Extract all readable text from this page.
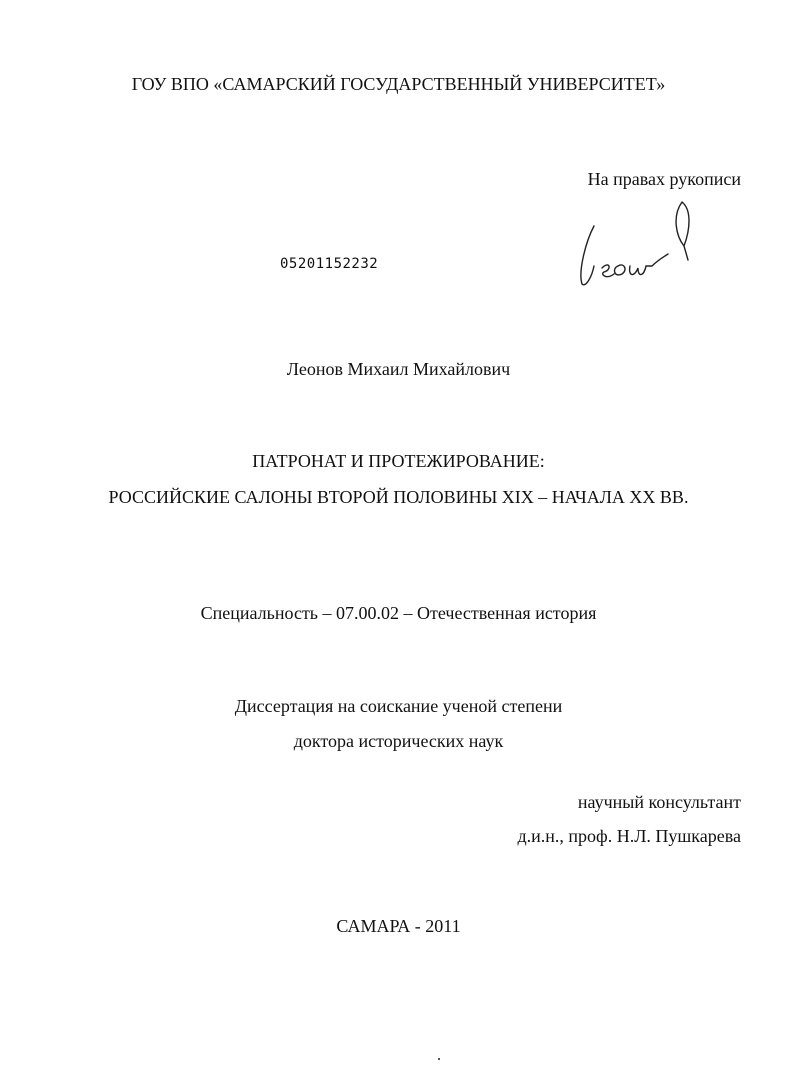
ГОУ ВПО «САМАРСКИЙ ГОСУДАРСТВЕННЫЙ УНИВЕРСИТЕТ»
На правах рукописи
05201152232
Леонов Михаил Михайлович
ПАТРОНАТ И ПРОТЕЖИРОВАНИЕ:
РОССИЙСКИЕ САЛОНЫ ВТОРОЙ ПОЛОВИНЫ XIX – НАЧАЛА XX ВВ.
Специальность – 07.00.02 – Отечественная история
Диссертация на соискание ученой степени
доктора исторических наук
научный консультант
д.и.н., проф. Н.Л. Пушкарева
САМАРА - 2011
